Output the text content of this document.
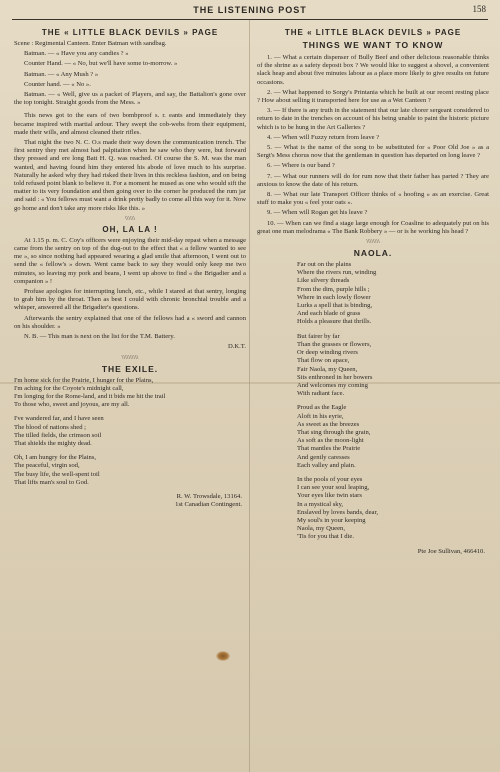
THE LISTENING POST	158
THE « LITTLE BLACK DEVILS » PAGE

Scene : Regimental Canteen. Enter Batman with sandbag.

Batman. — « Have you any candies ? »

Counter Hand. — « No, but we'll have some to-morrow. »

Batman. — « Any Mush ? »

Counter hand. — « No ».

Batman. — « Well, give us a packet of Players, and say, the Battalion's gone over the top tonight. Straight goods from the Mess. »

This news got to the ears of two bombproof s. r. eants and immediately they became inspired with martial ardour. They swept the cob-webs from their equipment, made their wills, and almost cleaned their rifles.

That night the two N. C. O.s made their way down the communication trench. The first sentry they met almost had palpitation when he saw who they were, but forward they pressed and ere long Batt H. Q. was reached. Of course the S. M. was the man wanted, and having found him they entered his abode of love much to his surprise. Naturally he asked why they had risked their lives in this reckless fashion, and on being told refused point blank to believe it. For a moment he mused as one who would sift the matter to its very foundation and then going over to the corner he produced the rum jar and said : « You fellows must want a drink pretty badly to come all this way for it. Now go home and don't take any more risks like this. »

\\\\\\
OH, LA LA !

At 1.15 p. m. C. Coy's officers were enjoying their mid-day repast when a message came from the sentry on top of the dug-out to the effect that « a fellow wanted to see me », so since nothing had appeared wearing a glad smile that afternoon, I went out to send the « fellow's » down. Went came back to say they would only keep me two minutes, so leaving my pork and beans, I went up above to find « the Brigadier and a companion » !

Profuse apologies for interrupting lunch, etc., while I stared at that sentry, longing to grab him by the throat. Then as best I could with chronic bronchial trouble and a whisper, answered all the Brigadier's questions.

Afterwards the sentry explained that one of the fellows had a « sword and cannon on his shoulder. »

N. B. — This man is next on the list for the T.M. Battery.

D.K.T.

\\\\\\\\\\
THE EXILE.
I'm home sick for the Prairie, I hunger for the Plains,
I'm aching for the Coyote's midnight call,
I'm longing for the Rome-land, and it bids me hit the trail
To those who, sweet and joyous, are my all.
I've wandered far, and I have seen
The blood of nations shed ;
The tilled fields, the crimson soil
That shields the mighty dead.
Oh, I am hungry for the Plains,
The peaceful, virgin sod,
The busy life, the well-spent toil
That lifts man's soul to God.
R. W. Trowsdale, 13164.
1st Canadian Contingent.
THE « LITTLE BLACK DEVILS » PAGE
THINGS WE WANT TO KNOW

1. — What a certain dispenser of Bully Beef and other delicious reasonable thinks of the shrine as a safety deposit box ? We would like to suggest a shovel, a convenient slack heap and about five minutes labour as a place more likely to give results on future occasions.

2. — What happened to Sorgy's Printania which he built at our recent resting place ? How about selling it transported here for use as a Wet Canteen ?

3. — If there is any truth in the statement that our late chorer sergeant considered to return to date in the trenches on account of his being unable to paint the historic picture which is to be hung in the Art Galleries ?

4. — When will Fuzzy return from leave ?

5. — What is the name of the song to be substituted for « Poor Old Joe » as a Sergt's Mess chorus now that the gentleman in question has departed on long leave ?

6. — Where is our band ?

7. — What our runners will do for rum now that their father has parted ? They are anxious to know the date of his return.

8. — What our late Transport Officer thinks of « hoofing » as an exercise. Great stuff to make you « feel your oats ».

9. — When will Rogan get his leave ?

10. — When can we find a stage large enough for Coasline to adequately put on his great one man melodrama « The Bank Robbery » — or is he working his head ?

\\\\\\\\
NAOLA.
Far out on the plains
Where the rivers run, winding
Like silvery threads
From the dim, purple hills ;
Where in each lowly flower
Lurks a spell that is binding,
And each blade of grass
Holds a pleasure that thrills.
But fairer by far
Than the grasses or flowers,
Or deep winding rivers
That flow on apace,
Fair Naola, my Queen,
Sits enthroned in her bowers
And welcomes my coming
With radiant face.
Proud as the Eagle
Aloft in his eyrie,
As sweet as the breezes
That sing through the grain,
As soft as the moon-light
That mantles the Prairie
And gently caresses
Each valley and plain.
In the pools of your eyes
I can see your soul leaping,
Your eyes like twin stars
In a mystical sky,
Enslaved by loves bands, dear,
My soul's in your keeping
Naola, my Queen,
'Tis for you that I die.
Pte Joe Sullivan, 466410.
